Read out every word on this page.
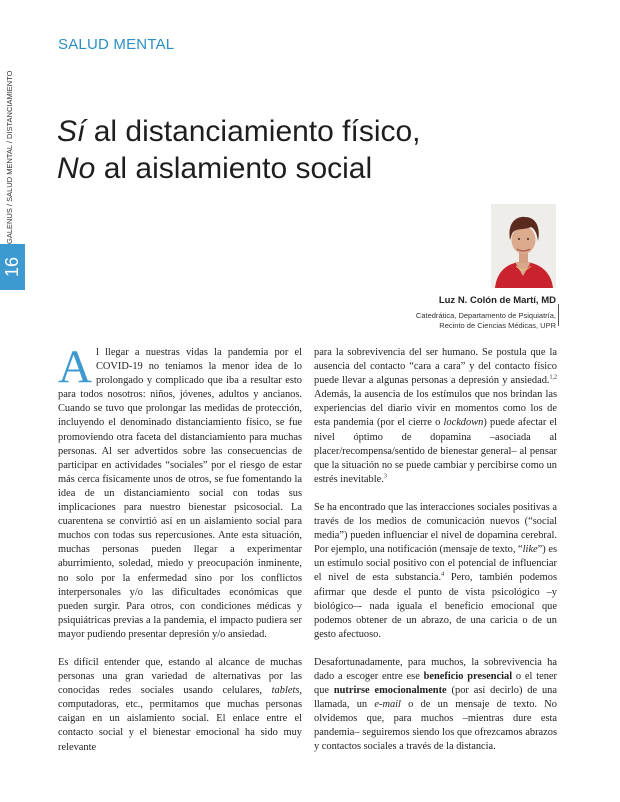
SALUD MENTAL
GALENUS / SALUD MENTAL / DISTANCIAMIENTO
16
Sí al distanciamiento físico,
No al aislamiento social
Luz N. Colón de Martí, MD
Catedrática, Departamento de Psiquiatría,
Recinto de Ciencias Médicas, UPR

Al llegar a nuestras vidas la pandemia por el COVID-19 no teníamos la menor idea de lo prolongado y complicado que iba a resultar esto para todos nosotros: niños, jóvenes, adultos y ancianos. Cuando se tuvo que prolongar las medidas de protección, incluyendo el denominado distanciamiento físico, se fue promoviendo otra faceta del distanciamiento para muchas personas. Al ser advertidos sobre las consecuencias de participar en actividades “sociales” por el riesgo de estar más cerca físicamente unos de otros, se fue fomentando la idea de un distanciamiento social con todas sus implicaciones para nuestro bienestar psicosocial. La cuarentena se convirtió así en un aislamiento social para muchos con todas sus repercusiones. Ante esta situación, muchas personas pueden llegar a experimentar aburrimiento, soledad, miedo y preocupación inminente, no solo por la enfermedad sino por los conflictos interpersonales y/o las dificultades económicas que pueden surgir. Para otros, con condiciones médicas y psiquiátricas previas a la pandemia, el impacto pudiera ser mayor pudiendo presentar depresión y/o ansiedad.

Es difícil entender que, estando al alcance de muchas personas una gran variedad de alternativas por las conocidas redes sociales usando celulares, tablets, computadoras, etc., permitamos que muchas personas caigan en un aislamiento social. El enlace entre el contacto social y el bienestar emocional ha sido muy relevante

para la sobrevivencia del ser humano. Se postula que la ausencia del contacto “cara a cara” y del contacto físico puede llevar a algunas personas a depresión y ansiedad.$^{1,2}$ Además, la ausencia de los estímulos que nos brindan las experiencias del diario vivir en momentos como los de esta pandemia (por el cierre o lockdown) puede afectar el nivel óptimo de dopamina –asociada al placer/recompensa/sentido de bienestar general– al pensar que la situación no se puede cambiar y percibirse como un estrés inevitable.$^3$

Se ha encontrado que las interacciones sociales positivas a través de los medios de comunicación nuevos (“social media”) pueden influenciar el nivel de dopamina cerebral. Por ejemplo, una notificación (mensaje de texto, “like”) es un estímulo social positivo con el potencial de influenciar el nivel de esta substancia.$^4$ Pero, también podemos afirmar que desde el punto de vista psicológico –y biológico–- nada iguala el beneficio emocional que podemos obtener de un abrazo, de una caricia o de un gesto afectuoso.

Desafortunadamente, para muchos, la sobrevivencia ha dado a escoger entre ese beneficio presencial o el tener que nutrirse emocionalmente (por así decirlo) de una llamada, un e-mail o de un mensaje de texto. No olvidemos que, para muchos –mientras dure esta pandemia– seguiremos siendo los que ofrezcamos abrazos y contactos sociales a través de la distancia.
